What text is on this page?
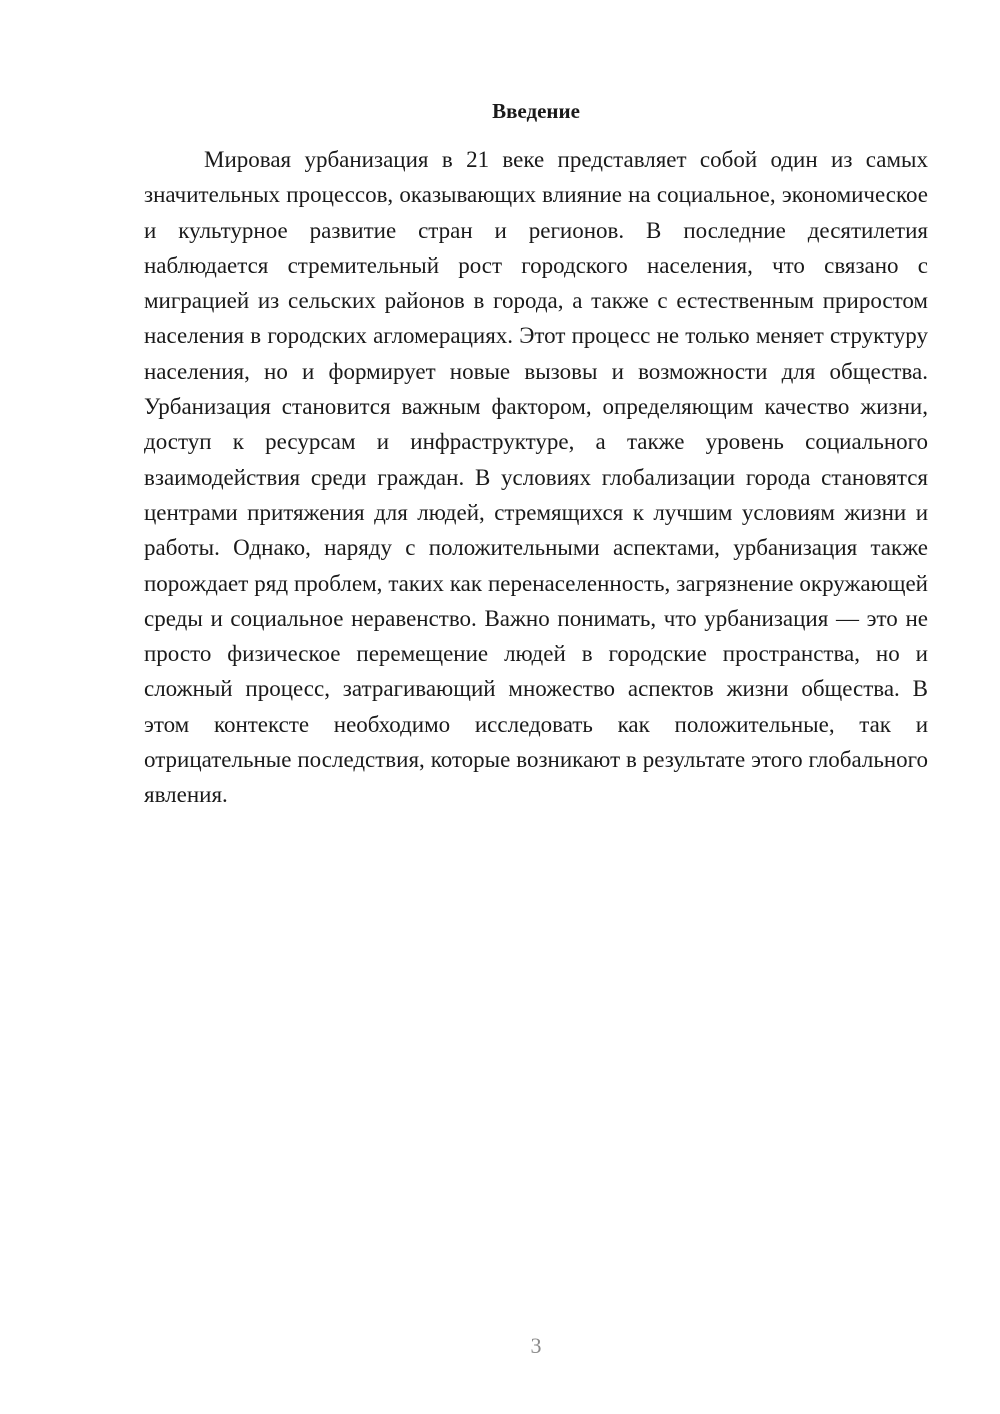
Введение

Мировая урбанизация в 21 веке представляет собой один из самых значительных процессов, оказывающих влияние на социальное, экономическое и культурное развитие стран и регионов. В последние десятилетия наблюдается стремительный рост городского населения, что связано с миграцией из сельских районов в города, а также с естественным приростом населения в городских агломерациях. Этот процесс не только меняет структуру населения, но и формирует новые вызовы и возможности для общества. Урбанизация становится важным фактором, определяющим качество жизни, доступ к ресурсам и инфраструктуре, а также уровень социального взаимодействия среди граждан. В условиях глобализации города становятся центрами притяжения для людей, стремящихся к лучшим условиям жизни и работы. Однако, наряду с положительными аспектами, урбанизация также порождает ряд проблем, таких как перенаселенность, загрязнение окружающей среды и социальное неравенство. Важно понимать, что урбанизация — это не просто физическое перемещение людей в городские пространства, но и сложный процесс, затрагивающий множество аспектов жизни общества. В этом контексте необходимо исследовать как положительные, так и отрицательные последствия, которые возникают в результате этого глобального явления.

3
